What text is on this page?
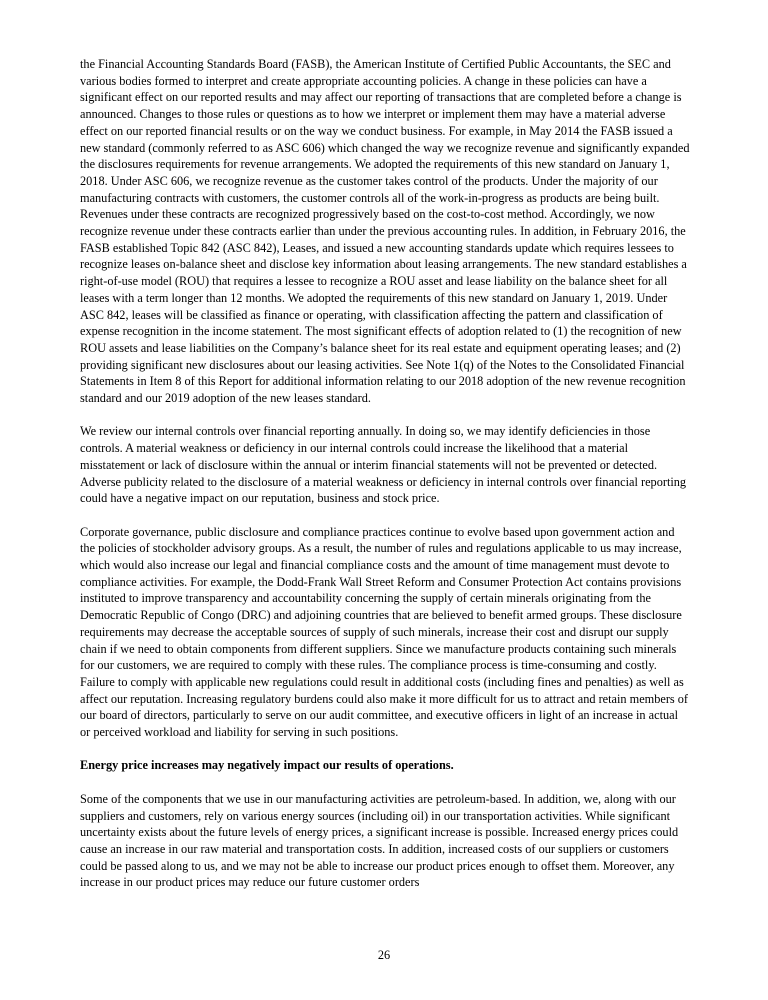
the Financial Accounting Standards Board (FASB), the American Institute of Certified Public Accountants, the SEC and various bodies formed to interpret and create appropriate accounting policies. A change in these policies can have a significant effect on our reported results and may affect our reporting of transactions that are completed before a change is announced. Changes to those rules or questions as to how we interpret or implement them may have a material adverse effect on our reported financial results or on the way we conduct business. For example, in May 2014 the FASB issued a new standard (commonly referred to as ASC 606) which changed the way we recognize revenue and significantly expanded the disclosures requirements for revenue arrangements. We adopted the requirements of this new standard on January 1, 2018. Under ASC 606, we recognize revenue as the customer takes control of the products. Under the majority of our manufacturing contracts with customers, the customer controls all of the work-in-progress as products are being built. Revenues under these contracts are recognized progressively based on the cost-to-cost method. Accordingly, we now recognize revenue under these contracts earlier than under the previous accounting rules. In addition, in February 2016, the FASB established Topic 842 (ASC 842), Leases, and issued a new accounting standards update which requires lessees to recognize leases on-balance sheet and disclose key information about leasing arrangements. The new standard establishes a right-of-use model (ROU) that requires a lessee to recognize a ROU asset and lease liability on the balance sheet for all leases with a term longer than 12 months. We adopted the requirements of this new standard on January 1, 2019. Under ASC 842, leases will be classified as finance or operating, with classification affecting the pattern and classification of expense recognition in the income statement. The most significant effects of adoption related to (1) the recognition of new ROU assets and lease liabilities on the Company’s balance sheet for its real estate and equipment operating leases; and (2) providing significant new disclosures about our leasing activities. See Note 1(q) of the Notes to the Consolidated Financial Statements in Item 8 of this Report for additional information relating to our 2018 adoption of the new revenue recognition standard and our 2019 adoption of the new leases standard.

We review our internal controls over financial reporting annually. In doing so, we may identify deficiencies in those controls. A material weakness or deficiency in our internal controls could increase the likelihood that a material misstatement or lack of disclosure within the annual or interim financial statements will not be prevented or detected. Adverse publicity related to the disclosure of a material weakness or deficiency in internal controls over financial reporting could have a negative impact on our reputation, business and stock price.

Corporate governance, public disclosure and compliance practices continue to evolve based upon government action and the policies of stockholder advisory groups. As a result, the number of rules and regulations applicable to us may increase, which would also increase our legal and financial compliance costs and the amount of time management must devote to compliance activities. For example, the Dodd-Frank Wall Street Reform and Consumer Protection Act contains provisions instituted to improve transparency and accountability concerning the supply of certain minerals originating from the Democratic Republic of Congo (DRC) and adjoining countries that are believed to benefit armed groups. These disclosure requirements may decrease the acceptable sources of supply of such minerals, increase their cost and disrupt our supply chain if we need to obtain components from different suppliers. Since we manufacture products containing such minerals for our customers, we are required to comply with these rules. The compliance process is time-consuming and costly. Failure to comply with applicable new regulations could result in additional costs (including fines and penalties) as well as affect our reputation. Increasing regulatory burdens could also make it more difficult for us to attract and retain members of our board of directors, particularly to serve on our audit committee, and executive officers in light of an increase in actual or perceived workload and liability for serving in such positions.

Energy price increases may negatively impact our results of operations.

Some of the components that we use in our manufacturing activities are petroleum-based. In addition, we, along with our suppliers and customers, rely on various energy sources (including oil) in our transportation activities. While significant uncertainty exists about the future levels of energy prices, a significant increase is possible. Increased energy prices could cause an increase in our raw material and transportation costs. In addition, increased costs of our suppliers or customers could be passed along to us, and we may not be able to increase our product prices enough to offset them. Moreover, any increase in our product prices may reduce our future customer orders

26
